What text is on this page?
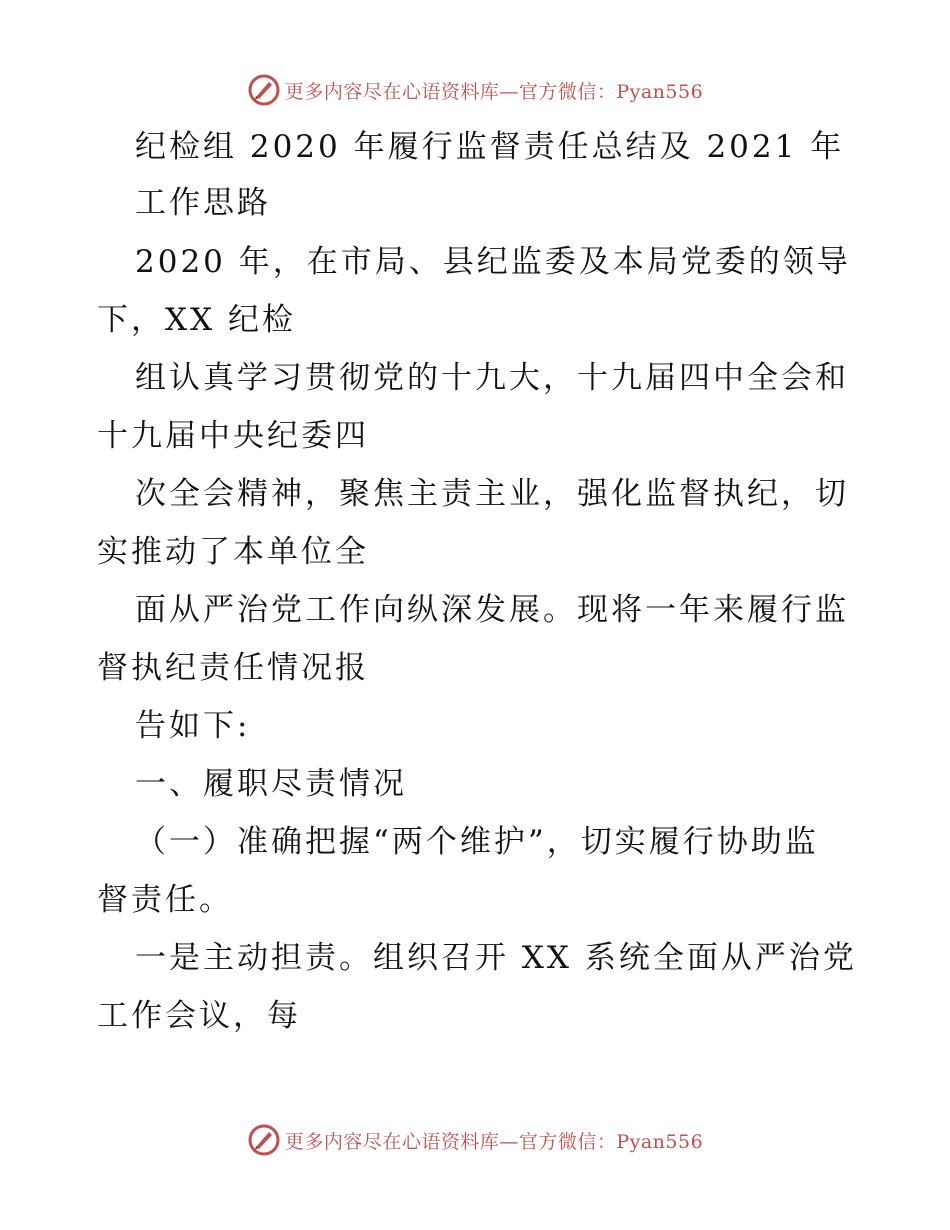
更多内容尽在心语资料库—官方微信：Pyan556
纪检组 2020 年履行监督责任总结及 2021 年
工作思路
2020 年，在市局、县纪监委及本局党委的领导
下，XX 纪检
组认真学习贯彻党的十九大，十九届四中全会和
十九届中央纪委四
次全会精神，聚焦主责主业，强化监督执纪，切
实推动了本单位全
面从严治党工作向纵深发展。现将一年来履行监
督执纪责任情况报
告如下:
一、履职尽责情况
（一）准确把握“两个维护”，切实履行协助监
督责任。
一是主动担责。组织召开 XX 系统全面从严治党
工作会议，每
更多内容尽在心语资料库—官方微信：Pyan556
